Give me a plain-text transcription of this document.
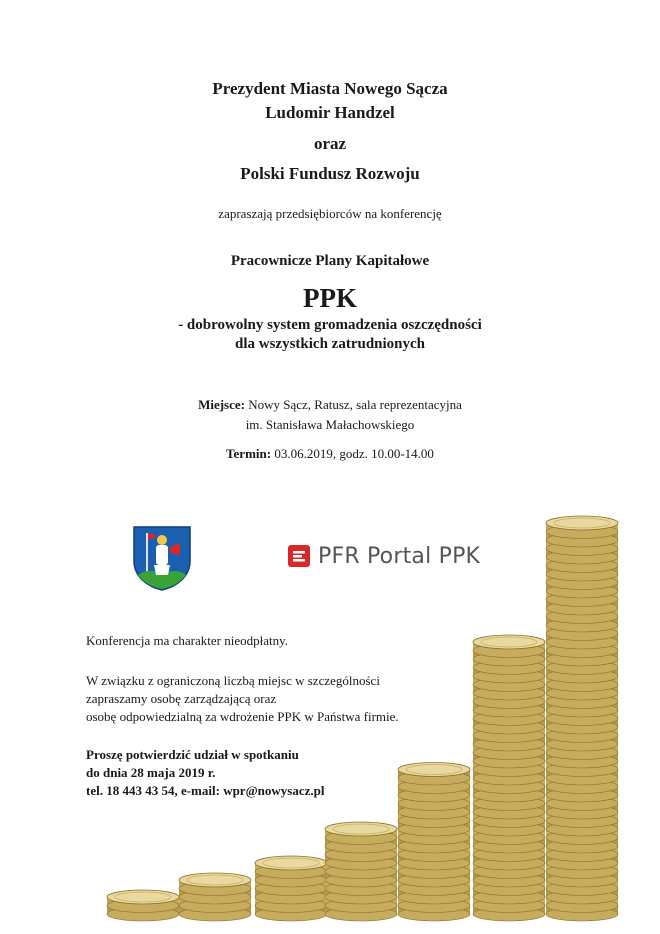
Prezydent Miasta Nowego Sącza
Ludomir Handzel
oraz
Polski Fundusz Rozwoju
zapraszają przedsiębiorców na konferencję
Pracownicze Plany Kapitałowe
PPK
- dobrowolny system gromadzenia oszczędności
dla wszystkich zatrudnionych
Miejsce: Nowy Sącz, Ratusz, sala reprezentacyjna
im. Stanisława Małachowskiego
Termin: 03.06.2019, godz. 10.00-14.00
PFR Portal PPK
Konferencja ma charakter nieodpłatny.
W związku z ograniczoną liczbą miejsc w szczególności
zapraszamy osobę zarządzającą oraz
osobę odpowiedzialną za wdrożenie PPK w Państwa firmie.
Proszę potwierdzić udział w spotkaniu
do dnia 28 maja 2019 r.
tel. 18 443 43 54, e-mail: wpr@nowysacz.pl
